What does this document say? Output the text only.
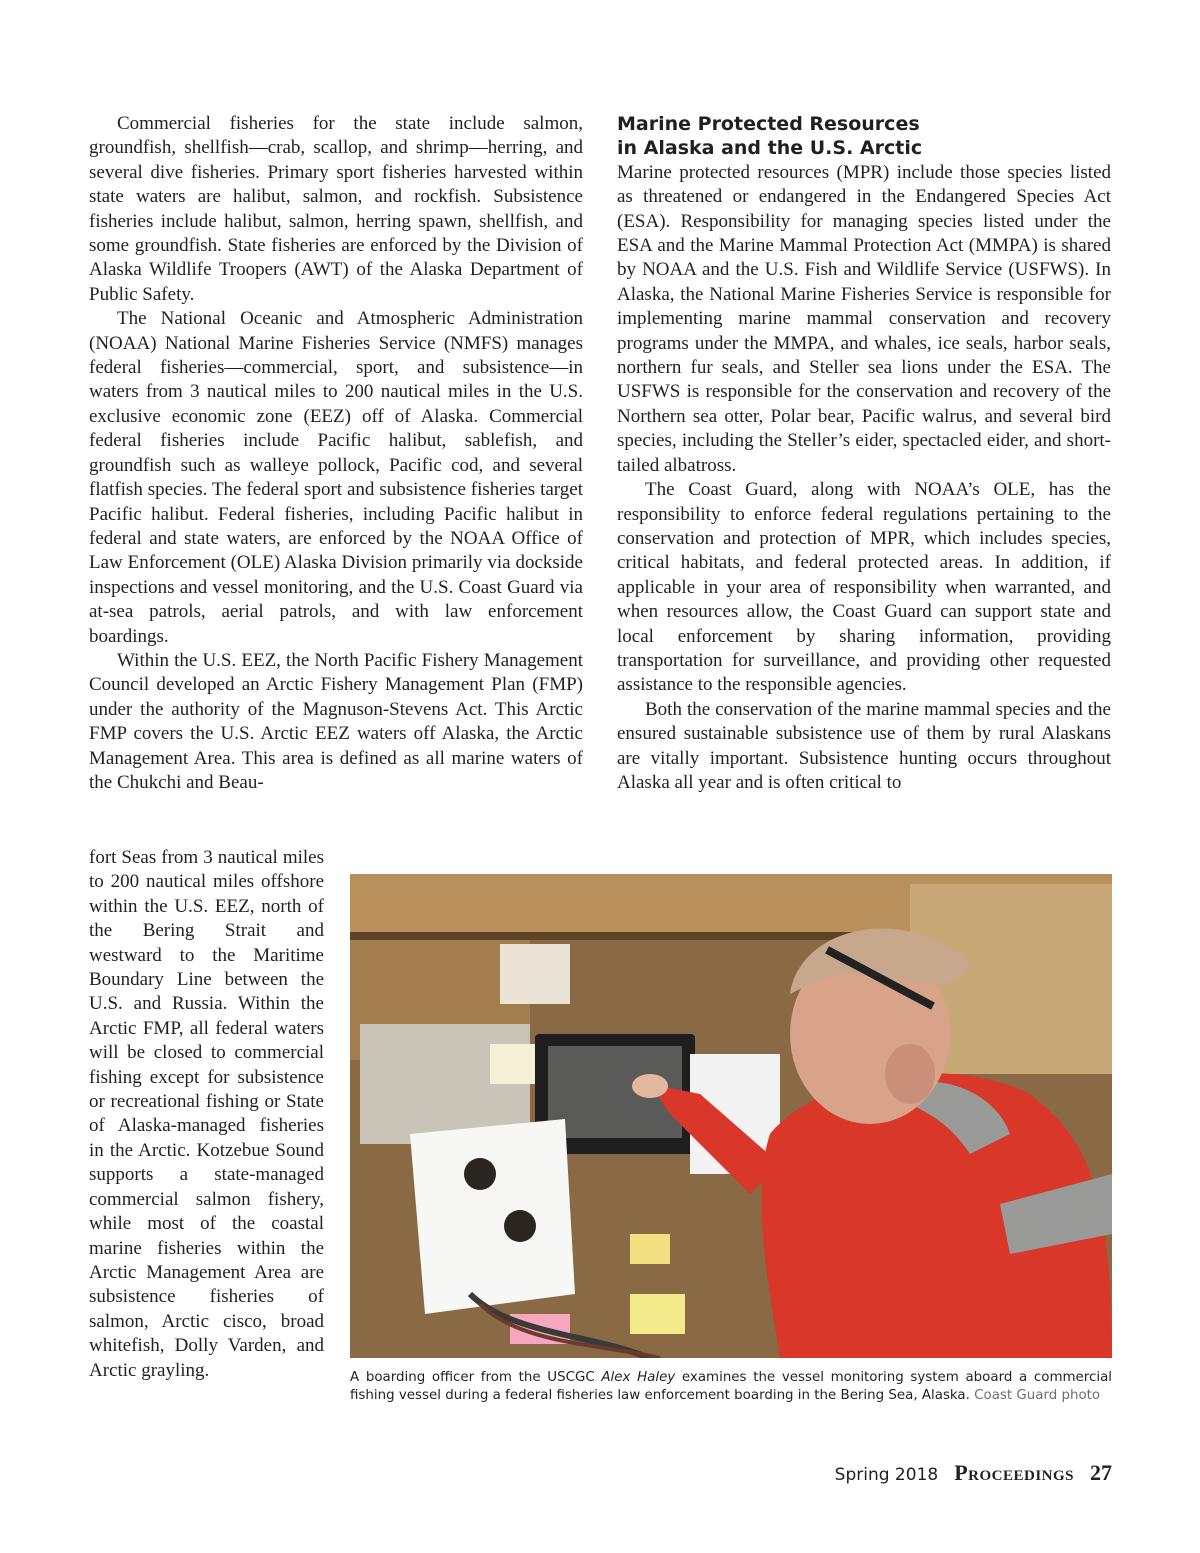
Commercial fisheries for the state include salmon, groundfish, shellfish—crab, scallop, and shrimp—herring, and several dive fisheries. Primary sport fisheries harvested within state waters are halibut, salmon, and rockfish. Subsistence fisheries include halibut, salmon, herring spawn, shellfish, and some groundfish. State fisheries are enforced by the Division of Alaska Wildlife Troopers (AWT) of the Alaska Department of Public Safety.

The National Oceanic and Atmospheric Administration (NOAA) National Marine Fisheries Service (NMFS) manages federal fisheries—commercial, sport, and subsistence—in waters from 3 nautical miles to 200 nautical miles in the U.S. exclusive economic zone (EEZ) off of Alaska. Commercial federal fisheries include Pacific halibut, sablefish, and groundfish such as walleye pollock, Pacific cod, and several flatfish species. The federal sport and subsistence fisheries target Pacific halibut. Federal fisheries, including Pacific halibut in federal and state waters, are enforced by the NOAA Office of Law Enforcement (OLE) Alaska Division primarily via dockside inspections and vessel monitoring, and the U.S. Coast Guard via at-sea patrols, aerial patrols, and with law enforcement boardings.

Within the U.S. EEZ, the North Pacific Fishery Management Council developed an Arctic Fishery Management Plan (FMP) under the authority of the Magnuson-Stevens Act. This Arctic FMP covers the U.S. Arctic EEZ waters off Alaska, the Arctic Management Area. This area is defined as all marine waters of the Chukchi and Beau-

fort Seas from 3 nautical miles to 200 nautical miles offshore within the U.S. EEZ, north of the Bering Strait and westward to the Maritime Boundary Line between the U.S. and Russia. Within the Arctic FMP, all federal waters will be closed to commercial fishing except for subsistence or recreational fishing or State of Alaska-managed fisheries in the Arctic. Kotzebue Sound supports a state-managed commercial salmon fishery, while most of the coastal marine fisheries within the Arctic Management Area are subsistence fisheries of salmon, Arctic cisco, broad whitefish, Dolly Varden, and Arctic grayling.

Marine Protected Resources
in Alaska and the U.S. Arctic

Marine protected resources (MPR) include those species listed as threatened or endangered in the Endangered Species Act (ESA). Responsibility for managing species listed under the ESA and the Marine Mammal Protection Act (MMPA) is shared by NOAA and the U.S. Fish and Wildlife Service (USFWS). In Alaska, the National Marine Fisheries Service is responsible for implementing marine mammal conservation and recovery programs under the MMPA, and whales, ice seals, harbor seals, northern fur seals, and Steller sea lions under the ESA. The USFWS is responsible for the conservation and recovery of the Northern sea otter, Polar bear, Pacific walrus, and several bird species, including the Steller’s eider, spectacled eider, and short-tailed albatross.

The Coast Guard, along with NOAA’s OLE, has the responsibility to enforce federal regulations pertaining to the conservation and protection of MPR, which includes species, critical habitats, and federal protected areas. In addition, if applicable in your area of responsibility when warranted, and when resources allow, the Coast Guard can support state and local enforcement by sharing information, providing transportation for surveillance, and providing other requested assistance to the responsible agencies.

Both the conservation of the marine mammal species and the ensured sustainable subsistence use of them by rural Alaskans are vitally important. Subsistence hunting occurs throughout Alaska all year and is often critical to

A boarding officer from the USCGC Alex Haley examines the vessel monitoring system aboard a commercial fishing vessel during a federal fisheries law enforcement boarding in the Bering Sea, Alaska. Coast Guard photo
Spring 2018 Proceedings 27
